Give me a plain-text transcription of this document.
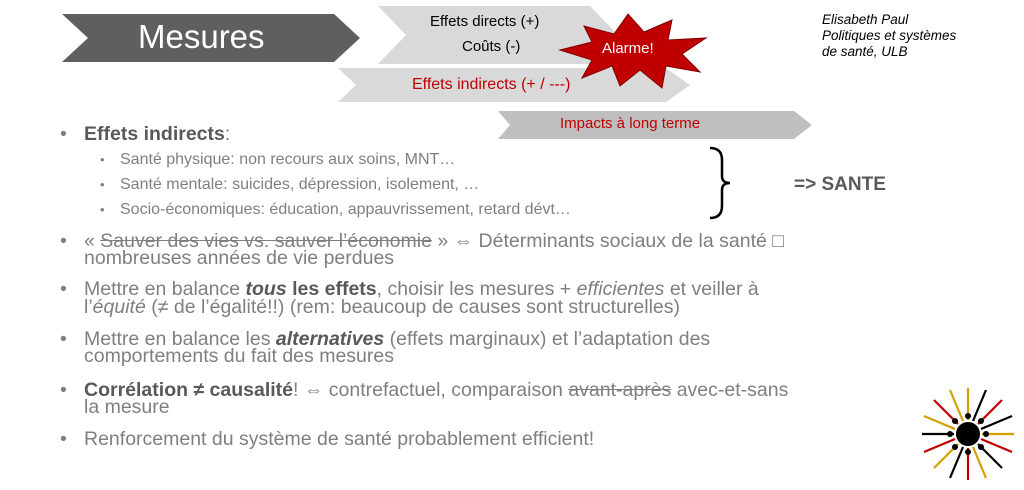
Mesures	Effets directs (+)
Coûts (-)
Effets indirects (+ / ---)
Alarme!
Impacts à long terme
Elisabeth Paul
Politiques et systèmes
de santé, ULB
• Effets indirects:
• Santé physique: non recours aux soins, MNT…
• Santé mentale: suicides, dépression, isolement, …
• Socio-économiques: éducation, appauvrissement, retard dévt…
=> SANTE
• « Sauver des vies vs. sauver l’économie » ⇔ Déterminants sociaux de la santé □
nombreuses années de vie perdues
• Mettre en balance tous les effets, choisir les mesures + efficientes et veiller à
l’équité (≠ de l’égalité!!) (rem: beaucoup de causes sont structurelles)
• Mettre en balance les alternatives (effets marginaux) et l’adaptation des
comportements du fait des mesures
• Corrélation ≠ causalité! ⇔ contrefactuel, comparaison avant-après avec-et-sans
la mesure
• Renforcement du système de santé probablement efficient!
